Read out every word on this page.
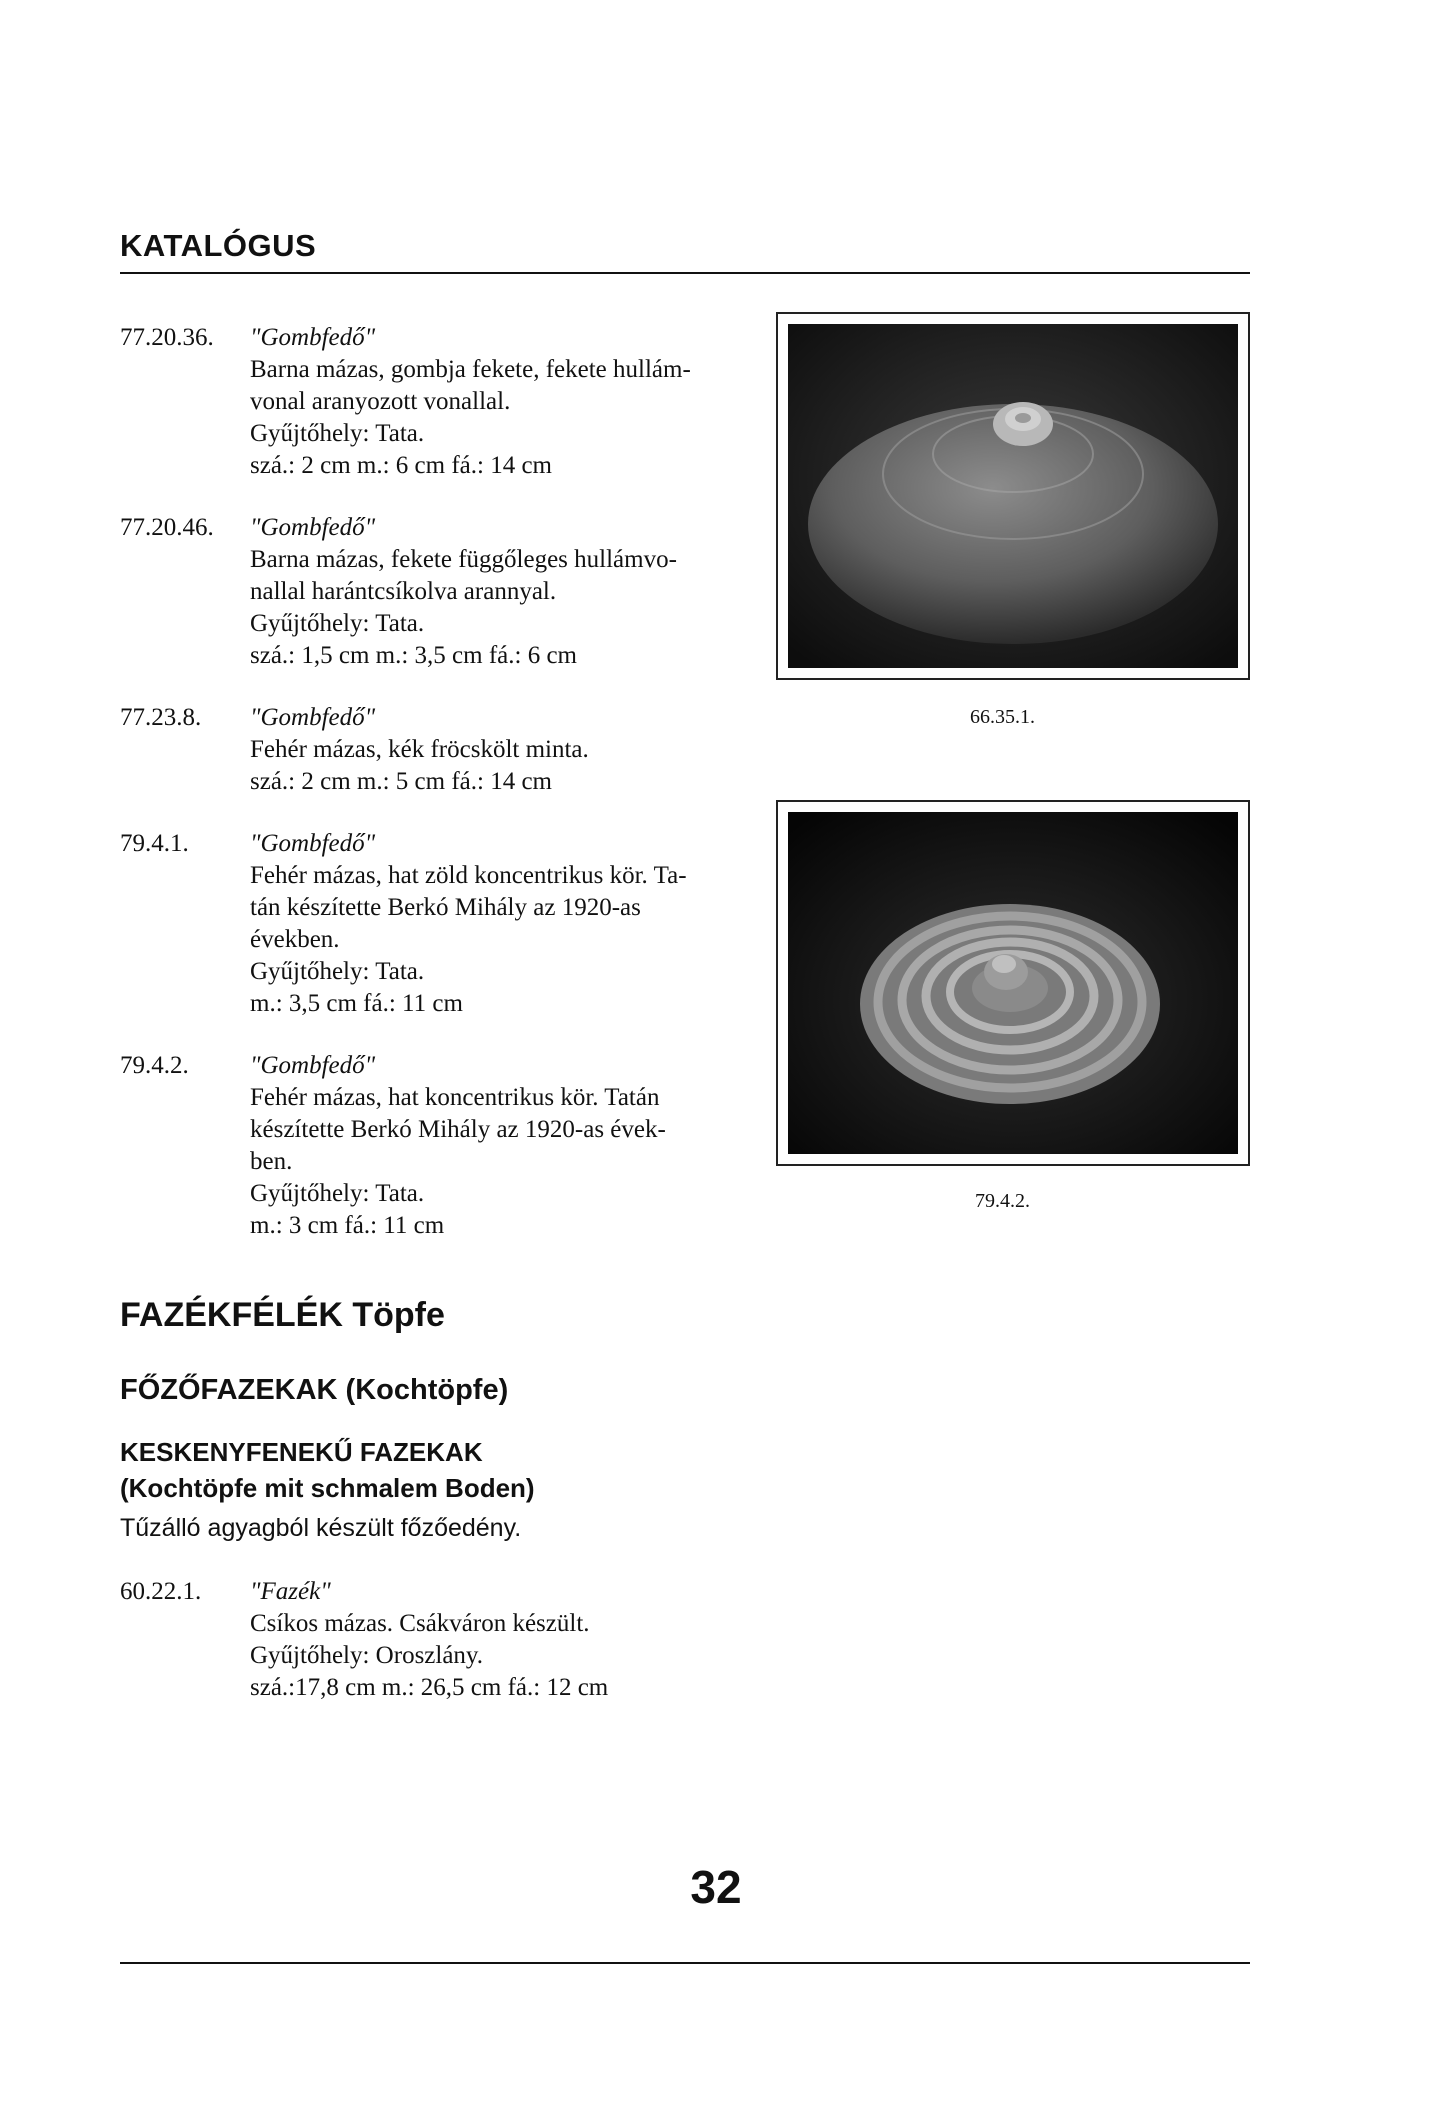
KATALÓGUS
77.20.36.	"Gombfedő"
Barna mázas, gombja fekete, fekete hullám-
vonal aranyozott vonallal.
Gyűjtőhely: Tata.
szá.: 2 cm m.: 6 cm fá.: 14 cm
77.20.46.	"Gombfedő"
Barna mázas, fekete függőleges hullámvo-
nallal harántcsíkolva arannyal.
Gyűjtőhely: Tata.
szá.: 1,5 cm m.: 3,5 cm fá.: 6 cm
77.23.8.	"Gombfedő"
Fehér mázas, kék fröcskölt minta.
szá.: 2 cm m.: 5 cm fá.: 14 cm
79.4.1.	"Gombfedő"
Fehér mázas, hat zöld koncentrikus kör. Ta-
tán készítette Berkó Mihály az 1920-as
években.
Gyűjtőhely: Tata.
m.: 3,5 cm fá.: 11 cm
79.4.2.	"Gombfedő"
Fehér mázas, hat koncentrikus kör. Tatán
készítette Berkó Mihály az 1920-as évek-
ben.
Gyűjtőhely: Tata.
m.: 3 cm fá.: 11 cm
66.35.1.
79.4.2.
FAZÉKFÉLÉK Töpfe
FŐZŐFAZEKAK (Kochtöpfe)
KESKENYFENEKŰ FAZEKAK
(Kochtöpfe mit schmalem Boden)
Tűzálló agyagból készült főzőedény.
60.22.1.	"Fazék"
Csíkos mázas. Csákváron készült.
Gyűjtőhely: Oroszlány.
szá.:17,8 cm m.: 26,5 cm fá.: 12 cm
32
